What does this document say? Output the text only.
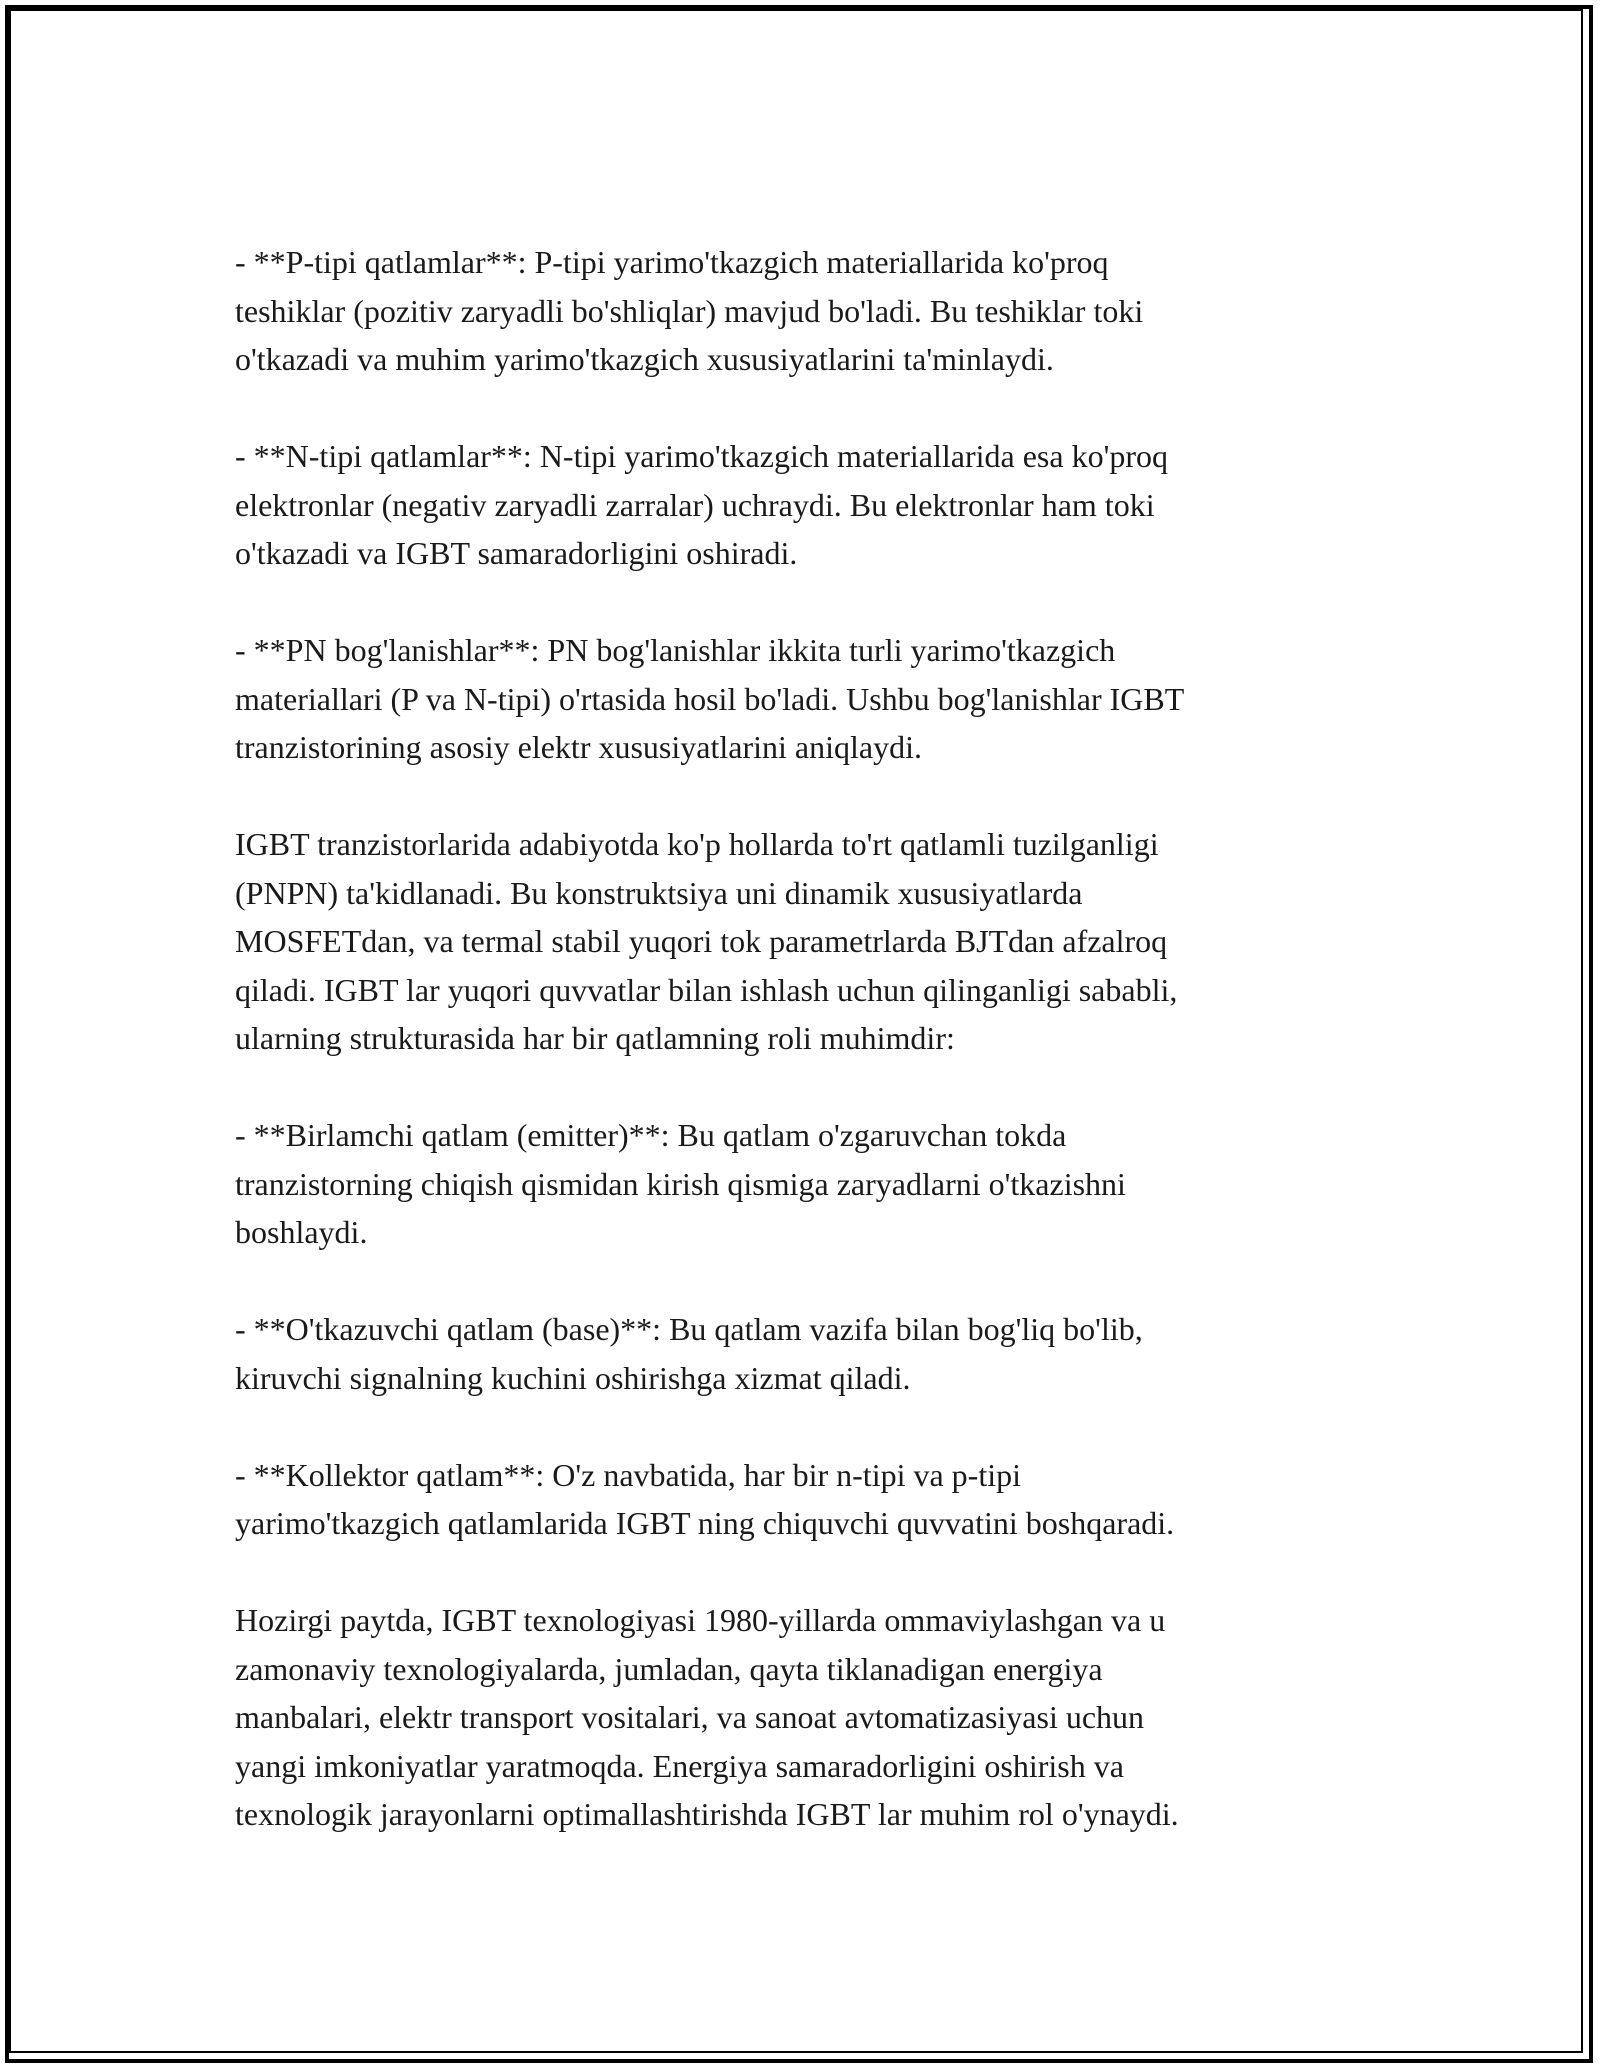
- **P-tipi qatlamlar**: P-tipi yarimo'tkazgich materiallarida ko'proq
teshiklar (pozitiv zaryadli bo'shliqlar) mavjud bo'ladi. Bu teshiklar toki
o'tkazadi va muhim yarimo'tkazgich xususiyatlarini ta'minlaydi.

- **N-tipi qatlamlar**: N-tipi yarimo'tkazgich materiallarida esa ko'proq
elektronlar (negativ zaryadli zarralar) uchraydi. Bu elektronlar ham toki
o'tkazadi va IGBT samaradorligini oshiradi.

- **PN bog'lanishlar**: PN bog'lanishlar ikkita turli yarimo'tkazgich
materiallari (P va N-tipi) o'rtasida hosil bo'ladi. Ushbu bog'lanishlar IGBT
tranzistorining asosiy elektr xususiyatlarini aniqlaydi.

IGBT tranzistorlarida adabiyotda ko'p hollarda to'rt qatlamli tuzilganligi
(PNPN) ta'kidlanadi. Bu konstruktsiya uni dinamik xususiyatlarda
MOSFETdan, va termal stabil yuqori tok parametrlarda BJTdan afzalroq
qiladi. IGBT lar yuqori quvvatlar bilan ishlash uchun qilinganligi sababli,
ularning strukturasida har bir qatlamning roli muhimdir:

- **Birlamchi qatlam (emitter)**: Bu qatlam o'zgaruvchan tokda
tranzistorning chiqish qismidan kirish qismiga zaryadlarni o'tkazishni
boshlaydi.

- **O'tkazuvchi qatlam (base)**: Bu qatlam vazifa bilan bog'liq bo'lib,
kiruvchi signalning kuchini oshirishga xizmat qiladi.

- **Kollektor qatlam**: O'z navbatida, har bir n-tipi va p-tipi
yarimo'tkazgich qatlamlarida IGBT ning chiquvchi quvvatini boshqaradi.

Hozirgi paytda, IGBT texnologiyasi 1980-yillarda ommaviylashgan va u
zamonaviy texnologiyalarda, jumladan, qayta tiklanadigan energiya
manbalari, elektr transport vositalari, va sanoat avtomatizasiyasi uchun
yangi imkoniyatlar yaratmoqda. Energiya samaradorligini oshirish va
texnologik jarayonlarni optimallashtirishda IGBT lar muhim rol o'ynaydi.
